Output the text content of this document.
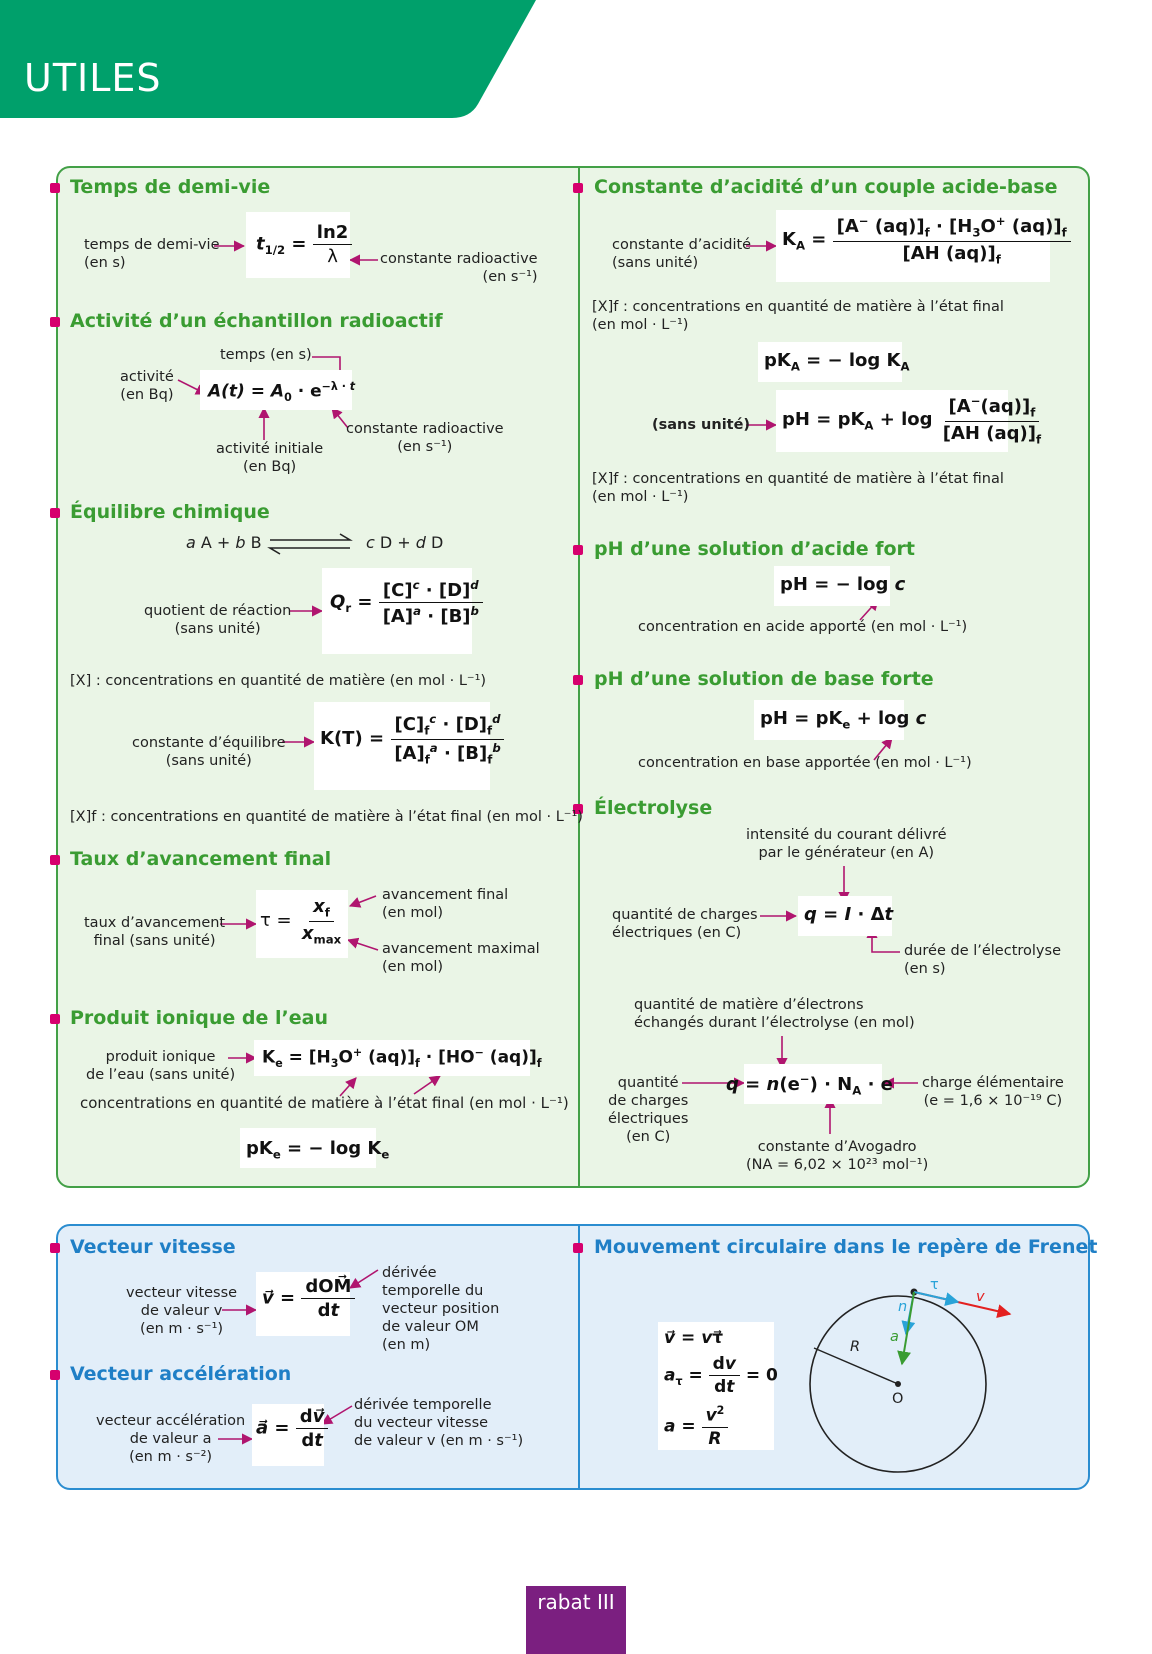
UTILES
Temps de demi-vie
temps de demi-vie
(en s)
$t_{1/2} = \frac{\ln 2}{\lambda}$ constante radioactive
(en s⁻¹)
Activité d’un échantillon radioactif
temps (en s)
activité
(en Bq) $A(t) = A_0 \cdot e^{-\lambda \cdot t}$
constante radioactive
(en s⁻¹)
activité initiale
(en Bq)
Équilibre chimique
a A + b B	c D + d D
quotient de réaction
(sans unité)
$Q_r = \frac{[C]^c \cdot [D]^d}{[A]^a \cdot [B]^b}$
[X] : concentrations en quantité de matière (en mol · L⁻¹)
constante d’équilibre
(sans unité)
$K(T) = \frac{[C]_f^c \cdot [D]_f^d}{[A]_f^a \cdot [B]_f^b}$
[X]f : concentrations en quantité de matière à l’état final (en mol · L⁻¹)
Taux d’avancement final
taux d’avancement
final (sans unité)
$\tau = \frac{x_f}{x_{max}}$
avancement final
(en mol)
avancement maximal
(en mol)
Produit ionique de l’eau
produit ionique
de l’eau (sans unité)
$K_e = [H_3O^+$ $(aq)]_f \cdot [HO^-$ $(aq)]_f$
concentrations en quantité de matière à l’état final (en mol · L⁻¹)
$pK_e$ = − $\log K_e$
Constante d’acidité d’un couple acide-base
constante d’acidité
(sans unité)
$K_A = \frac{[A^- (aq)]_f \cdot [H_3O^+ (aq)]_f}{[AH (aq)]_f}$
[X]f : concentrations en quantité de matière à l’état final
(en mol · L⁻¹)
$pK_A$ = − $\log K_A$
(sans unité) pH = $pK_A + \log \frac{[A^-(aq)]_f}{[AH (aq)]_f}$
[X]f : concentrations en quantité de matière à l’état final
(en mol · L⁻¹)
pH d’une solution d’acide fort
pH = − log c
concentration en acide apporté (en mol · L⁻¹)
pH d’une solution de base forte
pH = $pK_e + \log c$
concentration en base apportée (en mol · L⁻¹)
Électrolyse
intensité du courant délivré
par le générateur (en A)
quantité de charges
électriques (en C)
q = I · Δt
durée de l’électrolyse
(en s)
quantité de matière d’électrons
échangés durant l’électrolyse (en mol)
quantité
de charges
électriques
(en C)
$q = n(e^-) \cdot N_A \cdot e$ charge élémentaire
(e = 1,6 × 10⁻¹⁹ C)
constante d’Avogadro
(NA = 6,02 × 10²³ mol⁻¹)
Vecteur vitesse
vecteur vitesse
de valeur v
(en m · s⁻¹)
v⃗ = $\frac{\text{dOM⃗}}{dt}$
dérivée
temporelle du
vecteur position
de valeur OM
(en m)
Vecteur accélération
vecteur accélération
de valeur a
(en m · s⁻²)
a⃗ = $\frac{dv⃗}{dt}$
dérivée temporelle
du vecteur vitesse
de valeur v (en m · s⁻¹)
Mouvement circulaire dans le repère de Frenet
v⃗ = vτ⃗
$a_\tau = \frac{dv}{dt} = 0$
$a = \frac{v^2}{R}$
R
O
τ
n
a
v
rabat III
